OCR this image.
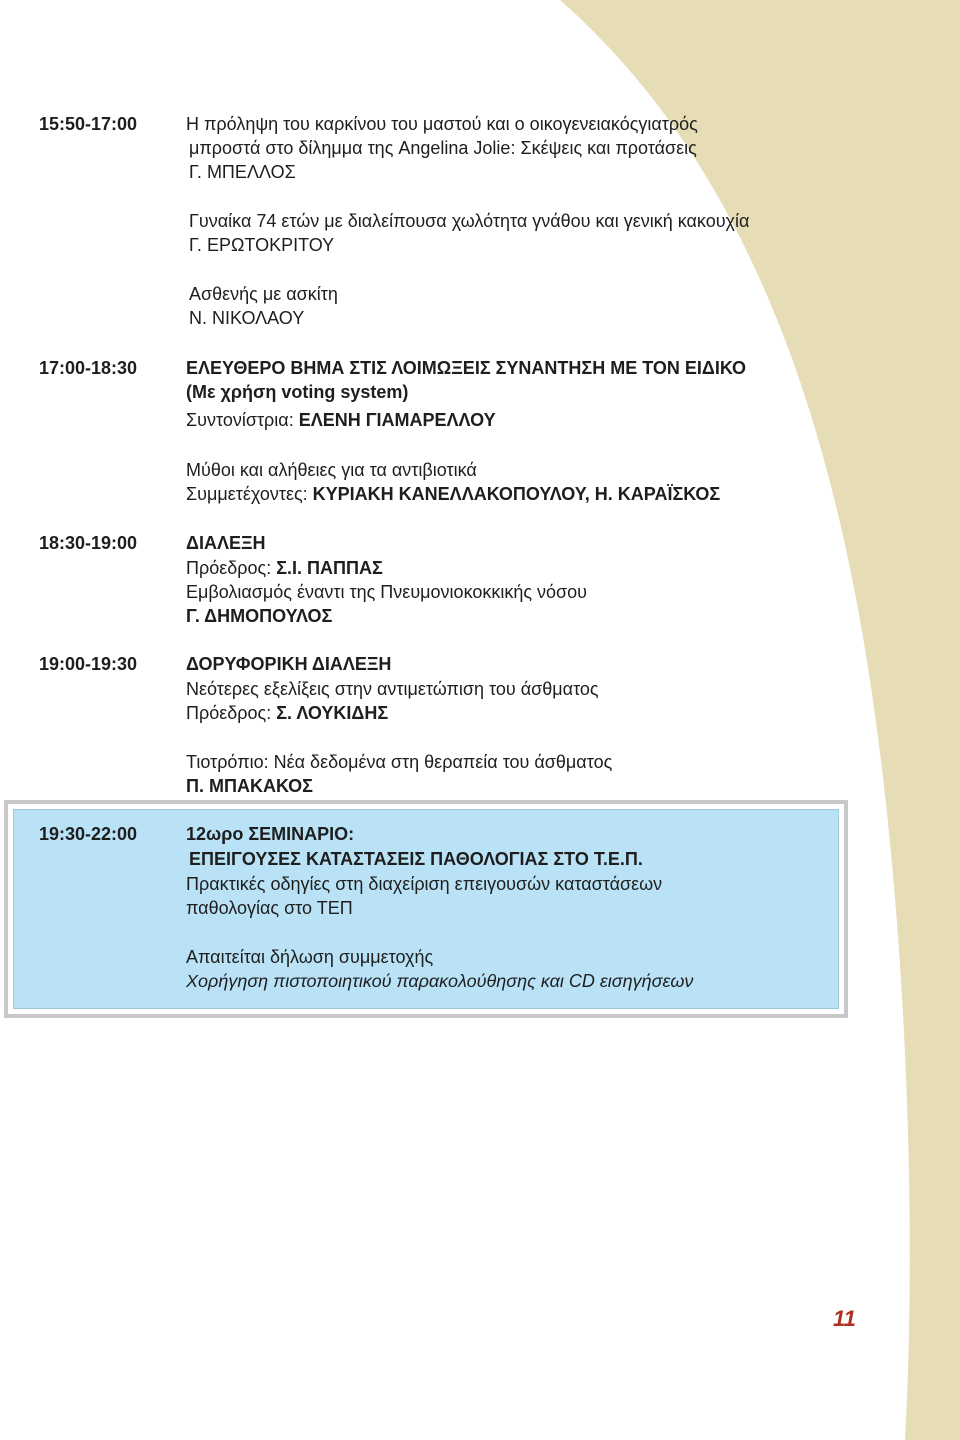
15:50-17:00	Η πρόληψη του καρκίνου του μαστού και ο οικογενειακόςγιατρός
μπροστά στο δίλημμα της Angelina Jolie: Σκέψεις και προτάσεις
Γ. ΜΠΕΛΛΟΣ
Γυναίκα 74 ετών με διαλείπουσα χωλότητα γνάθου και γενική κακουχία
Γ. ΕΡΩΤΟΚΡΙΤΟΥ
Ασθενής με ασκίτη
Ν. ΝΙΚΟΛΑΟΥ
17:00-18:30	ΕΛΕΥΘΕΡΟ ΒΗΜΑ ΣΤΙΣ ΛΟΙΜΩΞΕΙΣ ΣΥΝΑΝΤΗΣΗ ΜΕ ΤΟΝ ΕΙΔΙΚΟ
(Με χρήση voting system)
Συντονίστρια: ΕΛΕΝΗ ΓΙΑΜΑΡΕΛΛΟΥ
Μύθοι και αλήθειες για τα αντιβιοτικά
Συμμετέχοντες: ΚΥΡΙΑΚΗ ΚΑΝΕΛΛΑΚΟΠΟΥΛΟΥ, Η. ΚΑΡΑΪΣΚΟΣ
18:30-19:00	ΔΙΑΛΕΞΗ
Πρόεδρος: Σ.Ι. ΠΑΠΠΑΣ
Εμβολιασμός έναντι της Πνευμονιοκοκκικής νόσου
Γ. ΔΗΜΟΠΟΥΛΟΣ
19:00-19:30	ΔΟΡΥΦΟΡΙΚΗ ΔΙΑΛΕΞΗ
Νεότερες εξελίξεις στην αντιμετώπιση του άσθματος
Πρόεδρος: Σ. ΛΟΥΚΙΔΗΣ
Τιοτρόπιο: Νέα δεδομένα στη θεραπεία του άσθματος
Π. ΜΠΑΚΑΚΟΣ
19:30-22:00	12ωρο ΣΕΜΙΝΑΡΙΟ:
ΕΠΕΙΓΟΥΣΕΣ ΚΑΤΑΣΤΑΣΕΙΣ ΠΑΘΟΛΟΓΙΑΣ ΣΤΟ Τ.Ε.Π.
Πρακτικές οδηγίες στη διαχείριση επειγουσών καταστάσεων
παθολογίας στο ΤΕΠ
Απαιτείται δήλωση συμμετοχής
Χορήγηση πιστοποιητικού παρακολούθησης και CD εισηγήσεων
11
